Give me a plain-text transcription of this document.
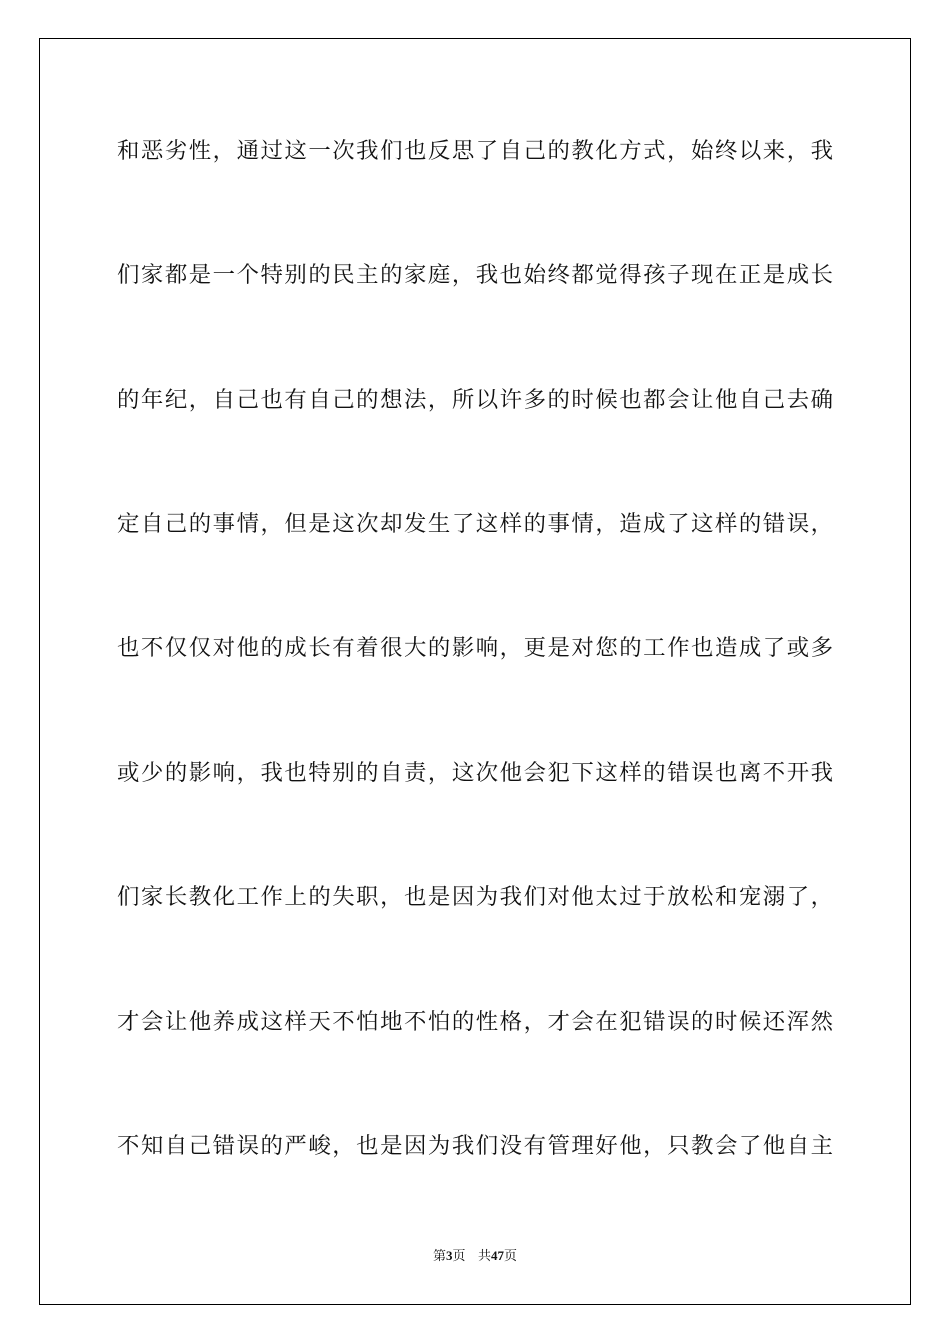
和恶劣性，通过这一次我们也反思了自己的教化方式，始终以来，我
们家都是一个特别的民主的家庭，我也始终都觉得孩子现在正是成长
的年纪，自己也有自己的想法，所以许多的时候也都会让他自己去确
定自己的事情，但是这次却发生了这样的事情，造成了这样的错误，
也不仅仅对他的成长有着很大的影响，更是对您的工作也造成了或多
或少的影响，我也特别的自责，这次他会犯下这样的错误也离不开我
们家长教化工作上的失职，也是因为我们对他太过于放松和宠溺了，
才会让他养成这样天不怕地不怕的性格，才会在犯错误的时候还浑然
不知自己错误的严峻，也是因为我们没有管理好他，只教会了他自主
第3页 共47页
